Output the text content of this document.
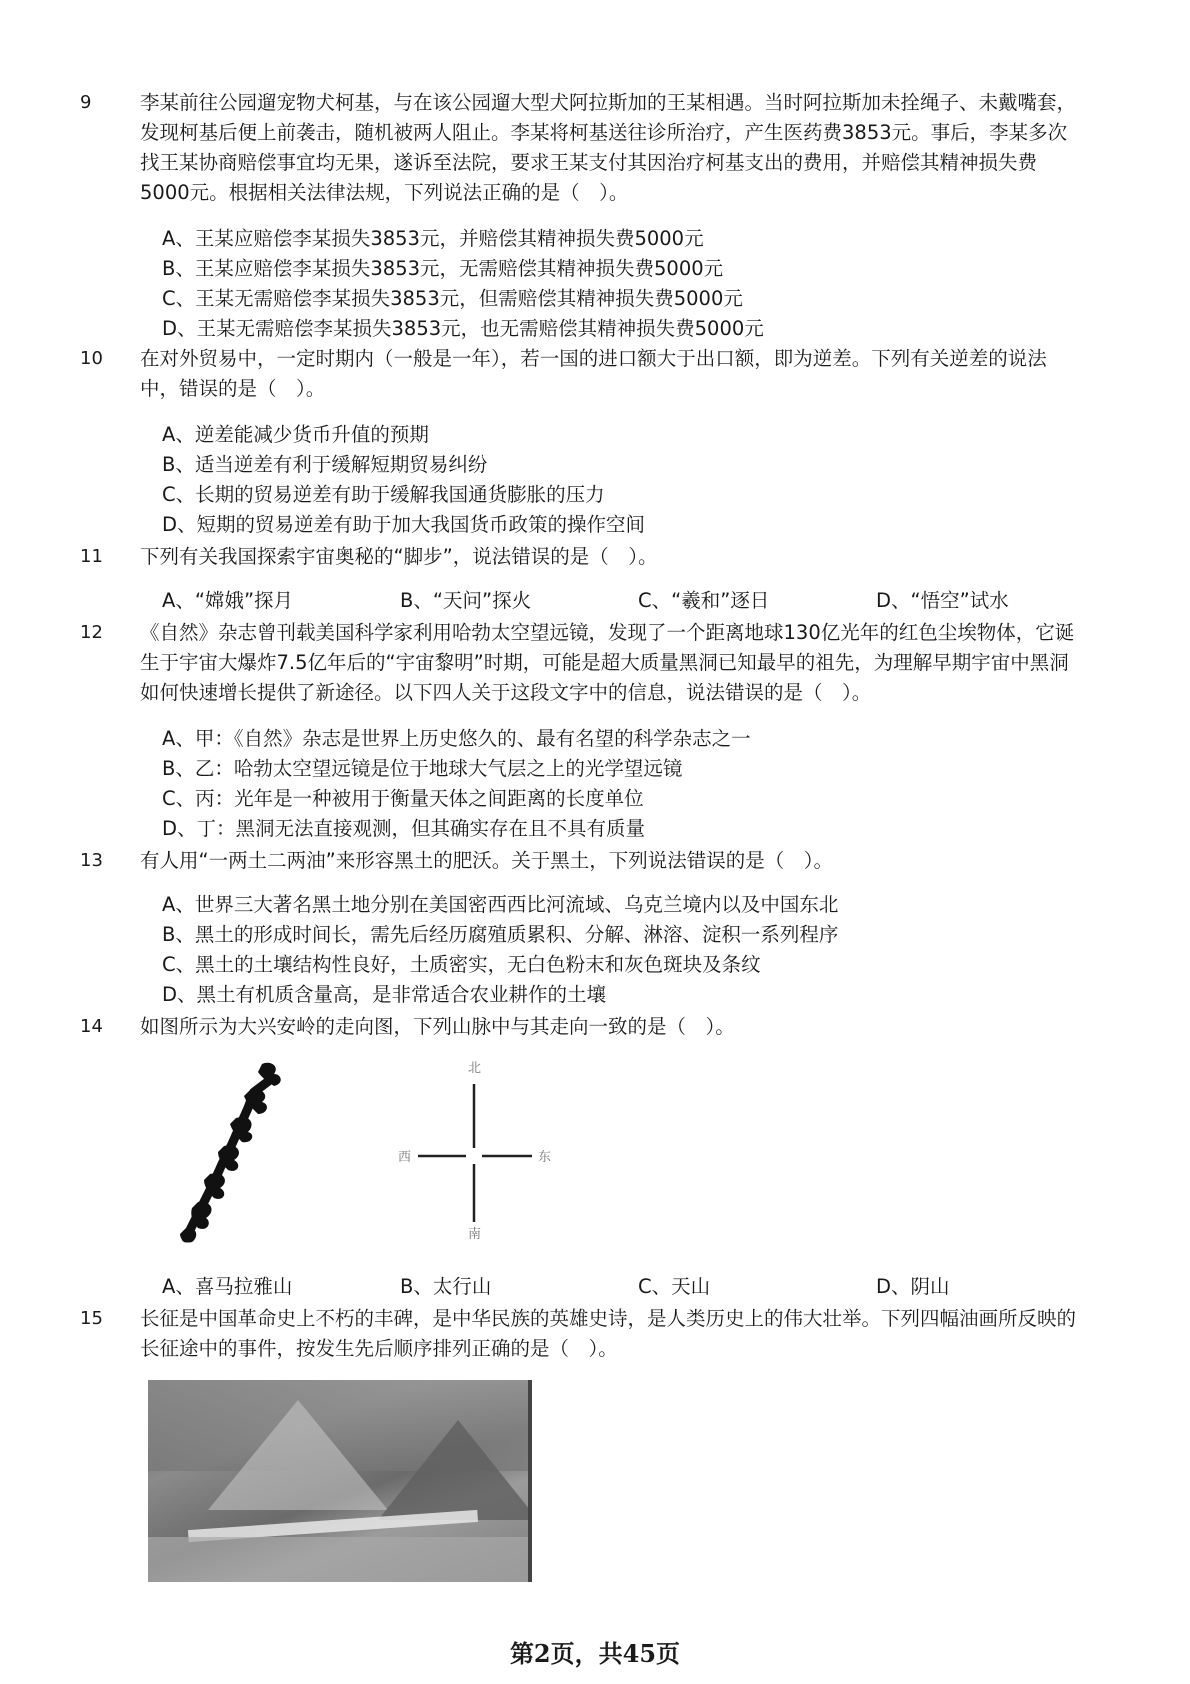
9 李某前往公园遛宠物犬柯基，与在该公园遛大型犬阿拉斯加的王某相遇。当时阿拉斯加未拴绳子、未戴嘴套，发现柯基后便上前袭击，随机被两人阻止。李某将柯基送往诊所治疗，产生医药费3853元。事后，李某多次找王某协商赔偿事宜均无果，遂诉至法院，要求王某支付其因治疗柯基支出的费用，并赔偿其精神损失费5000元。根据相关法律法规，下列说法正确的是（　）。
A、王某应赔偿李某损失3853元，并赔偿其精神损失费5000元
B、王某应赔偿李某损失3853元，无需赔偿其精神损失费5000元
C、王某无需赔偿李某损失3853元，但需赔偿其精神损失费5000元
D、王某无需赔偿李某损失3853元，也无需赔偿其精神损失费5000元
10 在对外贸易中，一定时期内（一般是一年），若一国的进口额大于出口额，即为逆差。下列有关逆差的说法中，错误的是（　）。
A、逆差能减少货币升值的预期
B、适当逆差有利于缓解短期贸易纠纷
C、长期的贸易逆差有助于缓解我国通货膨胀的压力
D、短期的贸易逆差有助于加大我国货币政策的操作空间
11 下列有关我国探索宇宙奥秘的“脚步”，说法错误的是（　）。
A、“嫦娥”探月	B、“天问”探火	C、“羲和”逐日	D、“悟空”试水
12 《自然》杂志曾刊载美国科学家利用哈勃太空望远镜，发现了一个距离地球130亿光年的红色尘埃物体，它诞生于宇宙大爆炸7.5亿年后的“宇宙黎明”时期，可能是超大质量黑洞已知最早的祖先，为理解早期宇宙中黑洞如何快速增长提供了新途径。以下四人关于这段文字中的信息，说法错误的是（　）。
A、甲：《自然》杂志是世界上历史悠久的、最有名望的科学杂志之一
B、乙：哈勃太空望远镜是位于地球大气层之上的光学望远镜
C、丙：光年是一种被用于衡量天体之间距离的长度单位
D、丁：黑洞无法直接观测，但其确实存在且不具有质量
13 有人用“一两土二两油”来形容黑土的肥沃。关于黑土，下列说法错误的是（　）。
A、世界三大著名黑土地分别在美国密西西比河流域、乌克兰境内以及中国东北
B、黑土的形成时间长，需先后经历腐殖质累积、分解、淋溶、淀积一系列程序
C、黑土的土壤结构性良好，土质密实，无白色粉末和灰色斑块及条纹
D、黑土有机质含量高，是非常适合农业耕作的土壤
14 如图所示为大兴安岭的走向图，下列山脉中与其走向一致的是（　）。
北
南
西	东
A、喜马拉雅山	B、太行山	C、天山	D、阴山
15 长征是中国革命史上不朽的丰碑，是中华民族的英雄史诗，是人类历史上的伟大壮举。下列四幅油画所反映的长征途中的事件，按发生先后顺序排列正确的是（　）。
第2页，共45页
